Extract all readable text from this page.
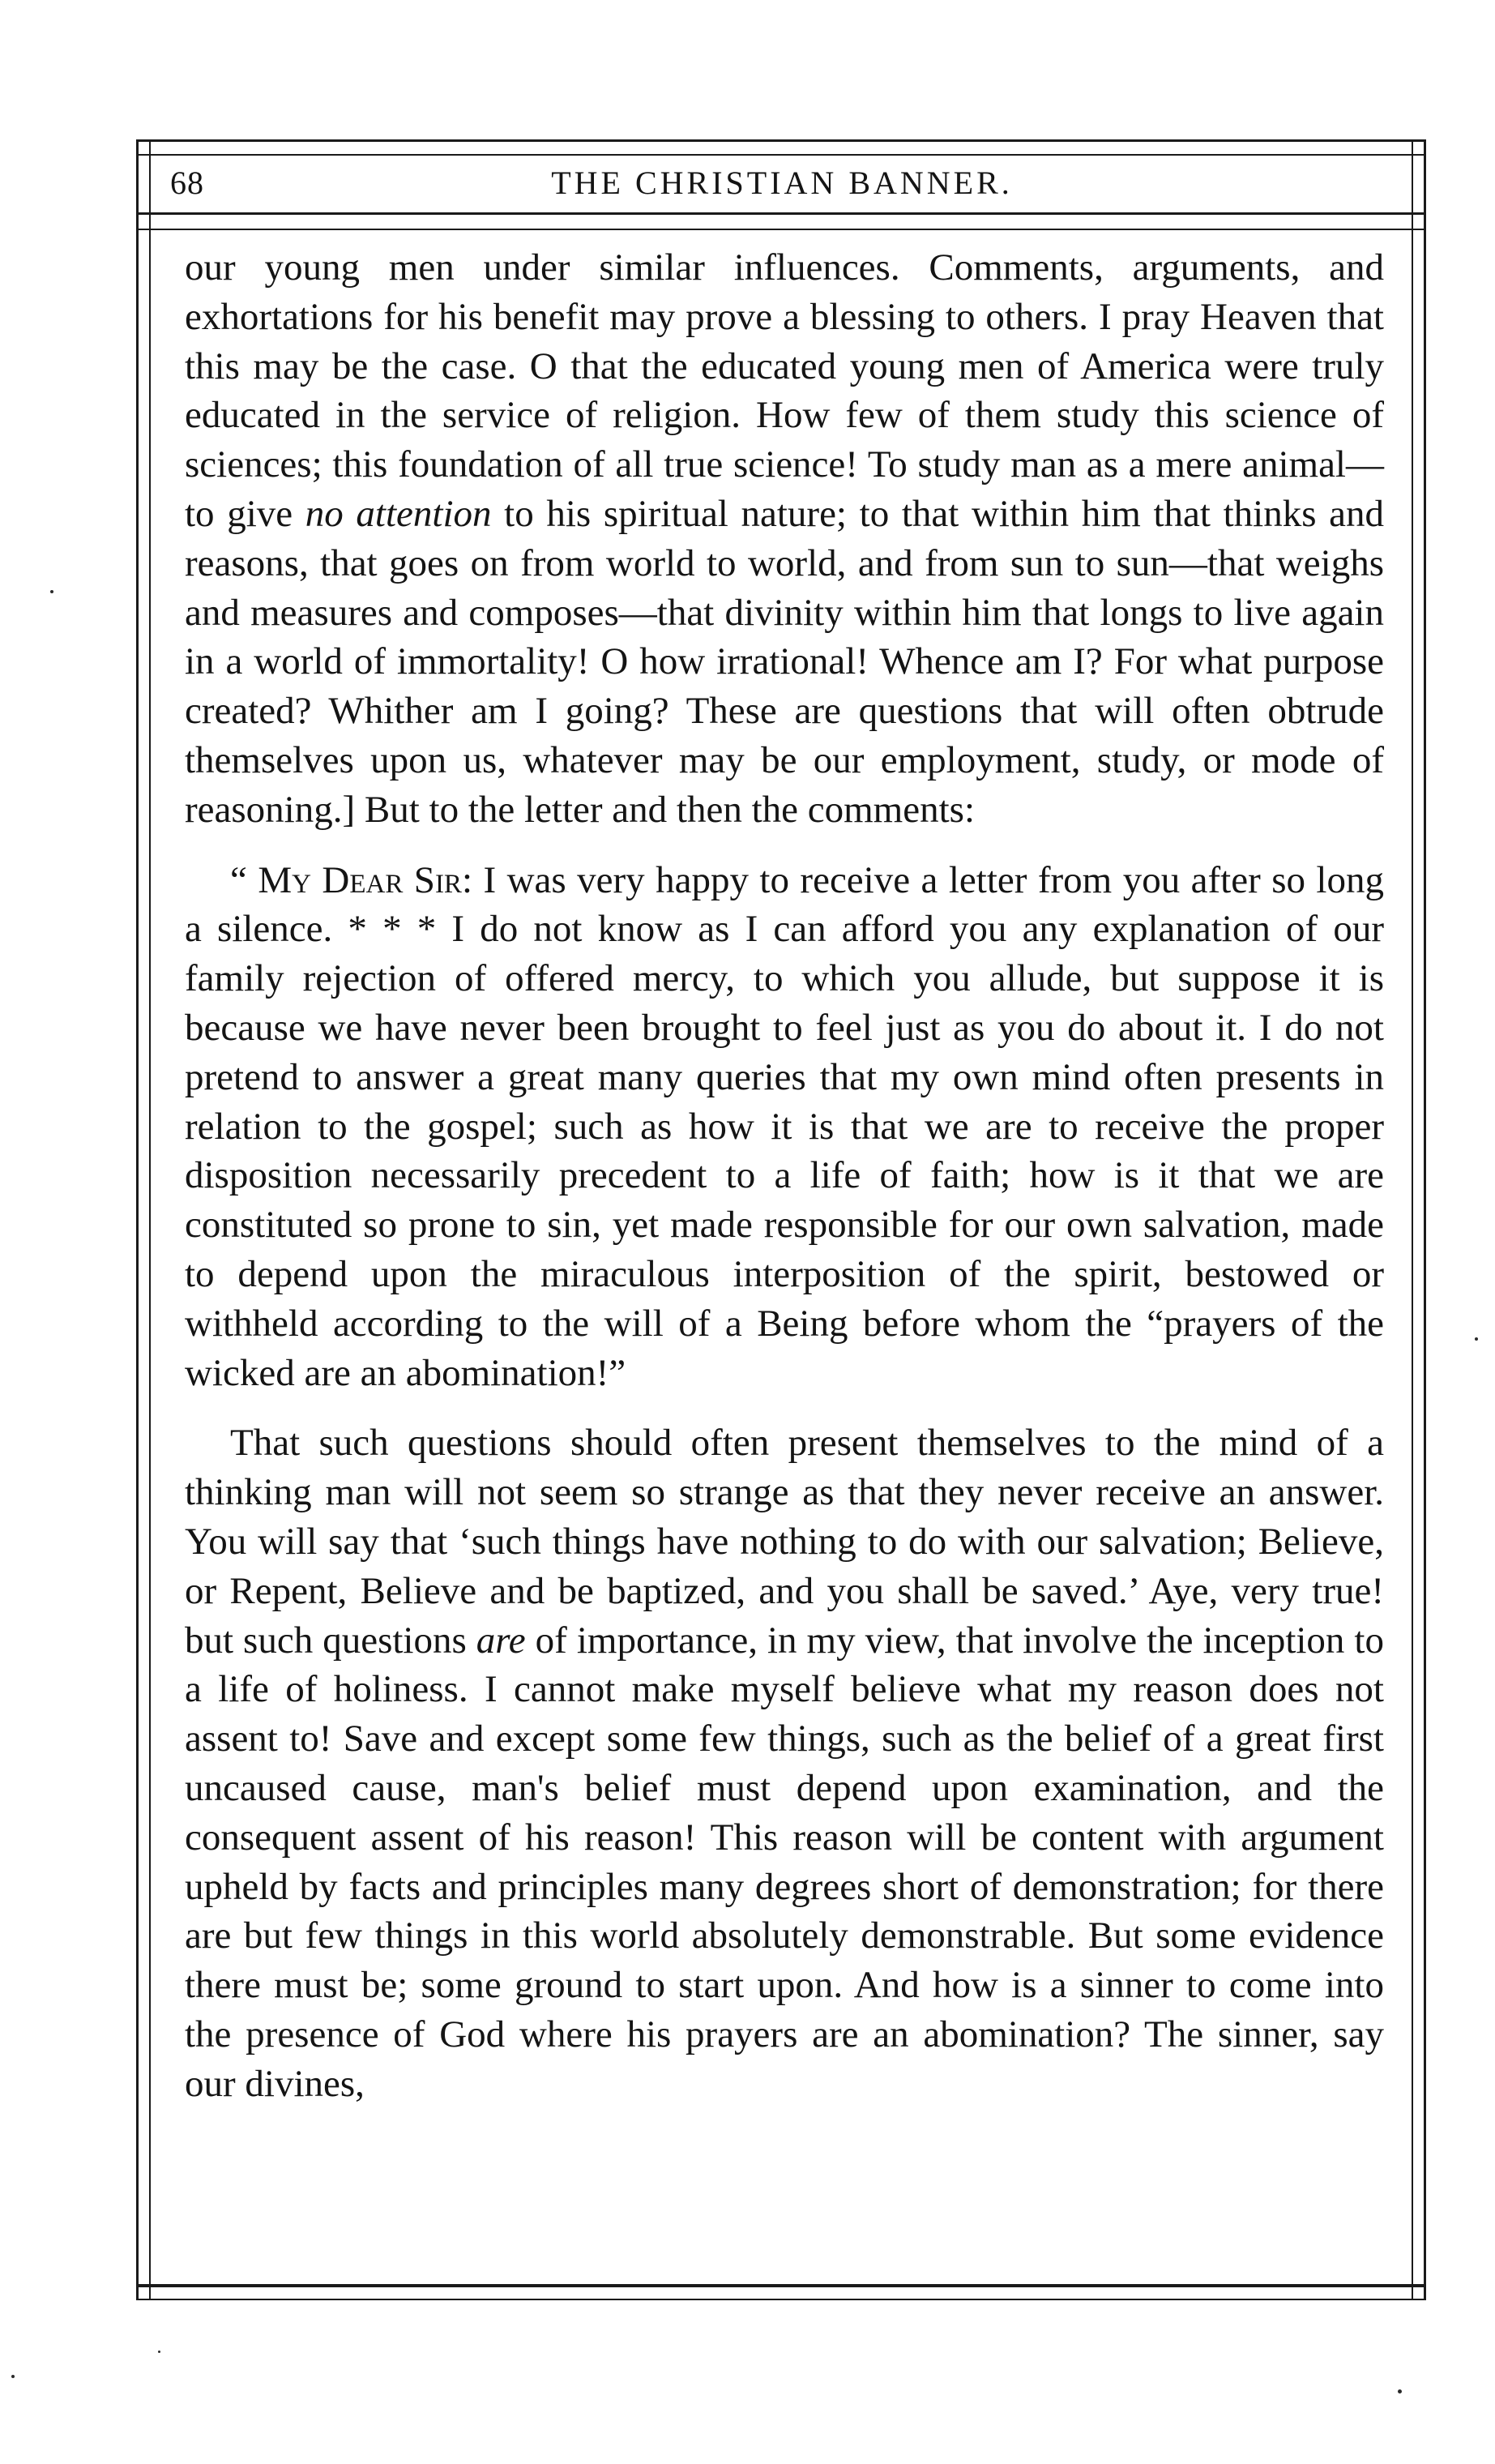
68	THE CHRISTIAN BANNER.

our young men under similar influences. Comments, arguments, and exhortations for his benefit may prove a blessing to others. I pray Heaven that this may be the case. O that the educated young men of America were truly educated in the service of religion. How few of them study this science of sciences; this foundation of all true science! To study man as a mere animal—to give no attention to his spiritual nature; to that within him that thinks and reasons, that goes on from world to world, and from sun to sun—that weighs and measures and composes—that divinity within him that longs to live again in a world of immortality! O how irrational! Whence am I? For what purpose created? Whither am I going? These are questions that will often obtrude themselves upon us, whatever may be our employment, study, or mode of reasoning.] But to the letter and then the comments:

“ My Dear Sir: I was very happy to receive a letter from you after so long a silence. * * * I do not know as I can afford you any explanation of our family rejection of offered mercy, to which you allude, but suppose it is because we have never been brought to feel just as you do about it. I do not pretend to answer a great many queries that my own mind often presents in relation to the gospel; such as how it is that we are to receive the proper disposition necessarily precedent to a life of faith; how is it that we are constituted so prone to sin, yet made responsible for our own salvation, made to depend upon the miraculous interposition of the spirit, bestowed or withheld according to the will of a Being before whom the “prayers of the wicked are an abomination!”

That such questions should often present themselves to the mind of a thinking man will not seem so strange as that they never receive an answer. You will say that ‘such things have nothing to do with our salvation; Believe, or Repent, Believe and be baptized, and you shall be saved.’ Aye, very true! but such questions are of importance, in my view, that involve the inception to a life of holiness. I cannot make myself believe what my reason does not assent to! Save and except some few things, such as the belief of a great first uncaused cause, man's belief must depend upon examination, and the consequent assent of his reason! This reason will be content with argument upheld by facts and principles many degrees short of demonstration; for there are but few things in this world absolutely demonstrable. But some evidence there must be; some ground to start upon. And how is a sinner to come into the presence of God where his prayers are an abomination? The sinner, say our divines,
